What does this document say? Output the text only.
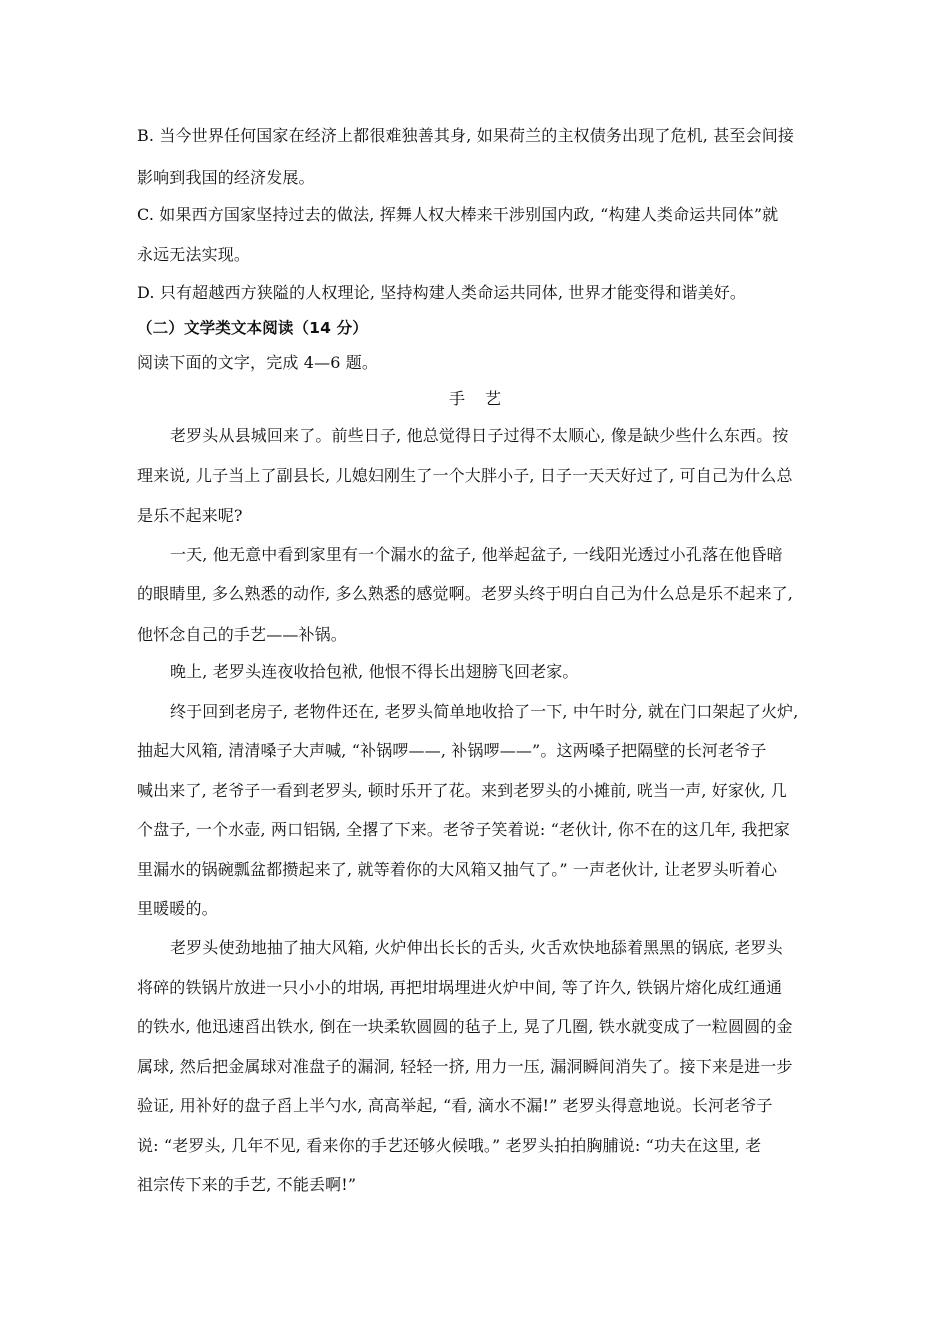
B. 当今世界任何国家在经济上都很难独善其身, 如果荷兰的主权债务出现了危机, 甚至会间接
影响到我国的经济发展。
C. 如果西方国家坚持过去的做法, 挥舞人权大棒来干涉别国内政, “构建人类命运共同体”就
永远无法实现。
D. 只有超越西方狭隘的人权理论, 坚持构建人类命运共同体, 世界才能变得和谐美好。
（二）文学类文本阅读（14 分）
阅读下面的文字，完成 4—6 题。
手艺
老罗头从县城回来了。前些日子, 他总觉得日子过得不太顺心, 像是缺少些什么东西。按
理来说, 儿子当上了副县长, 儿媳妇刚生了一个大胖小子, 日子一天天好过了, 可自己为什么总
是乐不起来呢?
一天, 他无意中看到家里有一个漏水的盆子, 他举起盆子, 一线阳光透过小孔落在他昏暗
的眼睛里, 多么熟悉的动作, 多么熟悉的感觉啊。老罗头终于明白自己为什么总是乐不起来了,
他怀念自己的手艺——补锅。
晚上, 老罗头连夜收拾包袱, 他恨不得长出翅膀飞回老家。
终于回到老房子, 老物件还在, 老罗头简单地收拾了一下, 中午时分, 就在门口架起了火炉,
抽起大风箱, 清清嗓子大声喊, “补锅啰——, 补锅啰——”。这两嗓子把隔壁的长河老爷子
喊出来了, 老爷子一看到老罗头, 顿时乐开了花。来到老罗头的小摊前, 咣当一声, 好家伙, 几
个盘子, 一个水壶, 两口铝锅, 全撂了下来。老爷子笑着说: “老伙计, 你不在的这几年, 我把家
里漏水的锅碗瓢盆都攒起来了, 就等着你的大风箱又抽气了。” 一声老伙计, 让老罗头听着心
里暖暖的。
老罗头使劲地抽了抽大风箱, 火炉伸出长长的舌头, 火舌欢快地舔着黑黑的锅底, 老罗头
将碎的铁锅片放进一只小小的坩埚, 再把坩埚埋进火炉中间, 等了许久, 铁锅片熔化成红通通
的铁水, 他迅速舀出铁水, 倒在一块柔软圆圆的毡子上, 晃了几圈, 铁水就变成了一粒圆圆的金
属球, 然后把金属球对准盘子的漏洞, 轻轻一挤, 用力一压, 漏洞瞬间消失了。接下来是进一步
验证, 用补好的盘子舀上半勺水, 高高举起, “看, 滴水不漏!” 老罗头得意地说。长河老爷子
说: “老罗头, 几年不见, 看来你的手艺还够火候哦。” 老罗头拍拍胸脯说: “功夫在这里, 老
祖宗传下来的手艺, 不能丢啊!”
